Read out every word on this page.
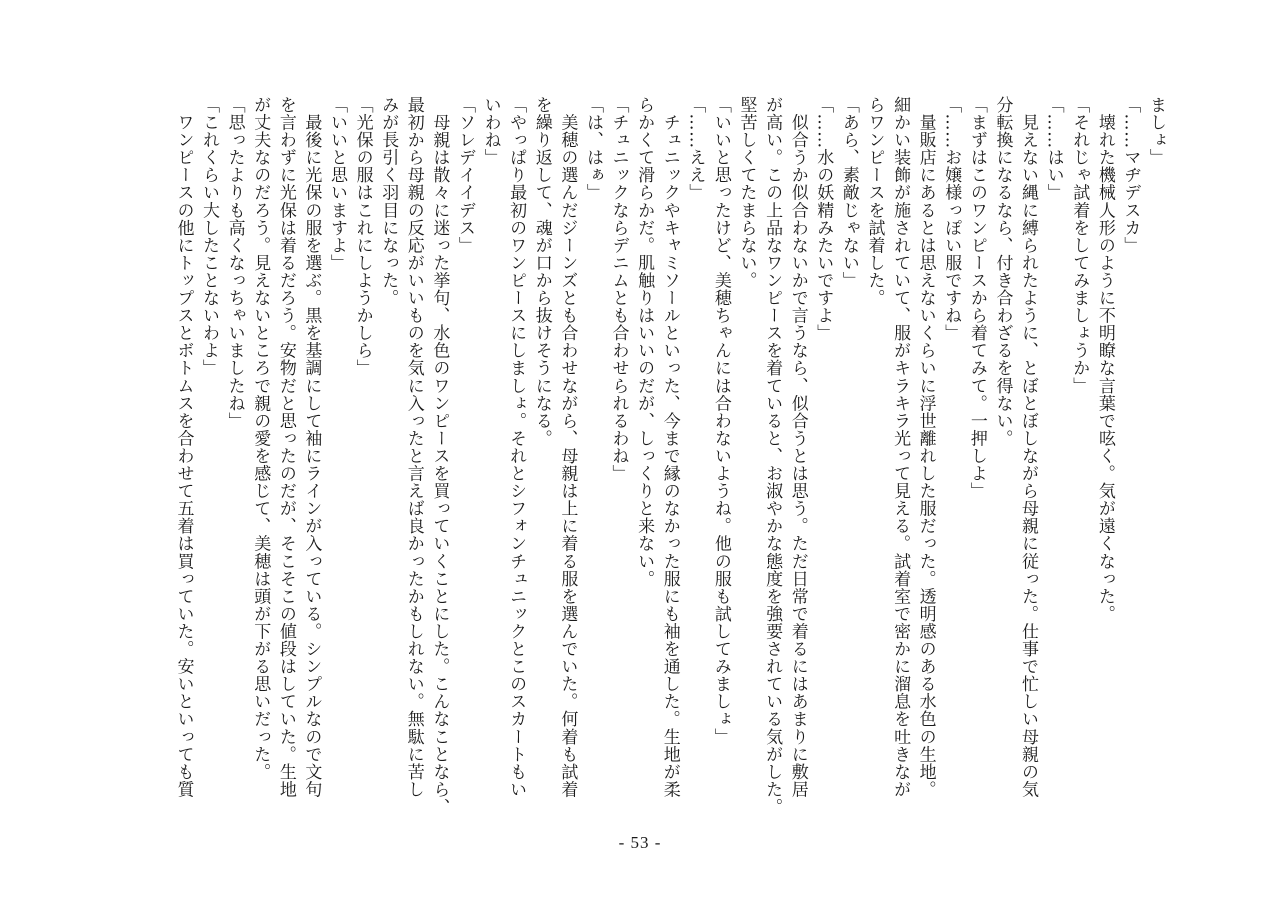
ましょ」

「……マヂデスカ」

　壊れた機械人形のように不明瞭な言葉で呟く。気が遠くなった。

「それじゃ試着をしてみましょうか」

「……はい」

　見えない縄に縛られたように、とぼとぼしながら母親に従った。仕事で忙しい母親の気

分転換になるなら、付き合わざるを得ない。

「まずはこのワンピースから着てみて。一押しよ」

「……お嬢様っぽい服ですね」

　量販店にあるとは思えないくらいに浮世離れした服だった。透明感のある水色の生地。

細かい装飾が施されていて、服がキラキラ光って見える。試着室で密かに溜息を吐きなが

らワンピースを試着した。

「あら、素敵じゃない」

「……水の妖精みたいですよ」

　似合うか似合わないかで言うなら、似合うとは思う。ただ日常で着るにはあまりに敷居

が高い。この上品なワンピースを着ていると、お淑やかな態度を強要されている気がした。

堅苦しくてたまらない。

「いいと思ったけど、美穂ちゃんには合わないようね。他の服も試してみましょ」

「……ええ」

　チュニックやキャミソールといった、今まで縁のなかった服にも袖を通した。生地が柔

らかくて滑らかだ。肌触りはいいのだが、しっくりと来ない。

「チュニックならデニムとも合わせられるわね」

「は、はぁ」

　美穂の選んだジーンズとも合わせながら、母親は上に着る服を選んでいた。何着も試着

を繰り返して、魂が口から抜けそうになる。

「やっぱり最初のワンピースにしましょ。それとシフォンチュニックとこのスカートもい

いわね」

「ソレデイイデス」

　母親は散々に迷った挙句、水色のワンピースを買っていくことにした。こんなことなら、

最初から母親の反応がいいものを気に入ったと言えば良かったかもしれない。無駄に苦し

みが長引く羽目になった。

「光保の服はこれにしようかしら」

「いいと思いますよ」

　最後に光保の服を選ぶ。黒を基調にして袖にラインが入っている。シンプルなので文句

を言わずに光保は着るだろう。安物だと思ったのだが、そこそこの値段はしていた。生地

が丈夫なのだろう。見えないところで親の愛を感じて、美穂は頭が下がる思いだった。

「思ったよりも高くなっちゃいましたね」

「これくらい大したことないわよ」

　ワンピースの他にトップスとボトムスを合わせて五着は買っていた。安いといっても質

- 53 -
